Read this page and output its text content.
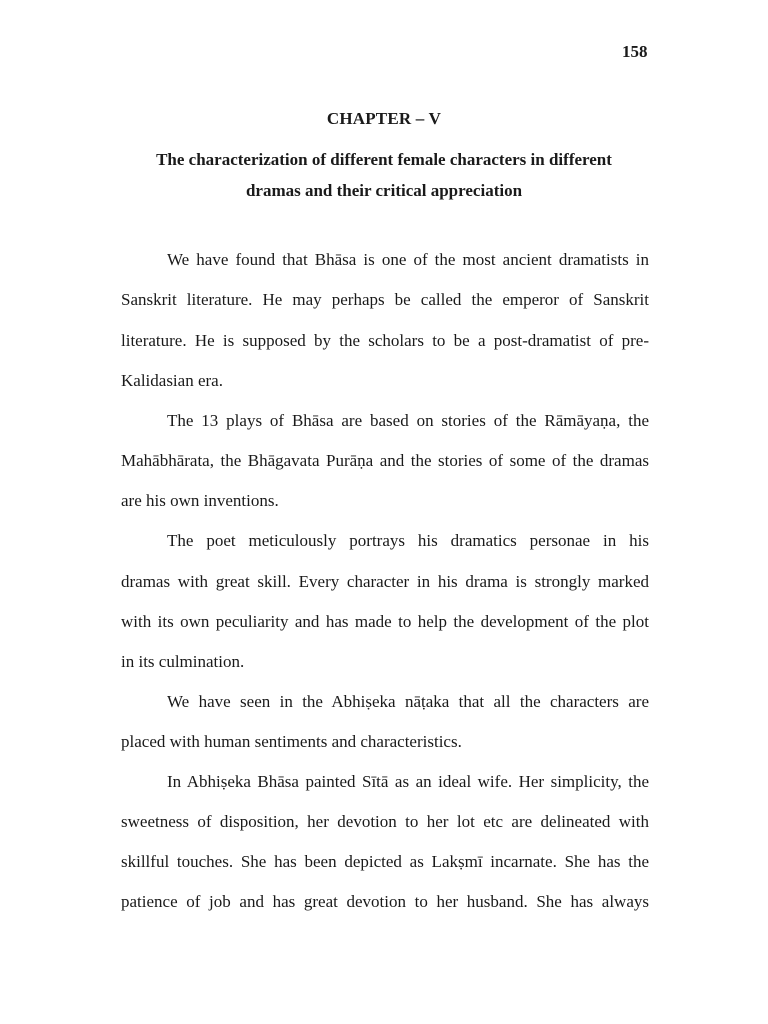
158
CHAPTER – V
The characterization of different female characters in different
dramas and their critical appreciation
We have found that Bhāsa is one of the most ancient dramatists in
Sanskrit literature. He may perhaps be called the emperor of Sanskrit
literature. He is supposed by the scholars to be a post-dramatist of pre-
Kalidasian era.
The 13 plays of Bhāsa are based on stories of the Rāmāyaṇa, the
Mahābhārata, the Bhāgavata Purāṇa and the stories of some of the dramas
are his own inventions.
The poet meticulously portrays his dramatics personae in his
dramas with great skill. Every character in his drama is strongly marked
with its own peculiarity and has made to help the development of the plot
in its culmination.
We have seen in the Abhiṣeka nāṭaka that all the characters are
placed with human sentiments and characteristics.
In Abhiṣeka Bhāsa painted Sītā as an ideal wife. Her simplicity, the
sweetness of disposition, her devotion to her lot etc are delineated with
skillful touches. She has been depicted as Lakṣmī incarnate. She has the
patience of job and has great devotion to her husband. She has always
